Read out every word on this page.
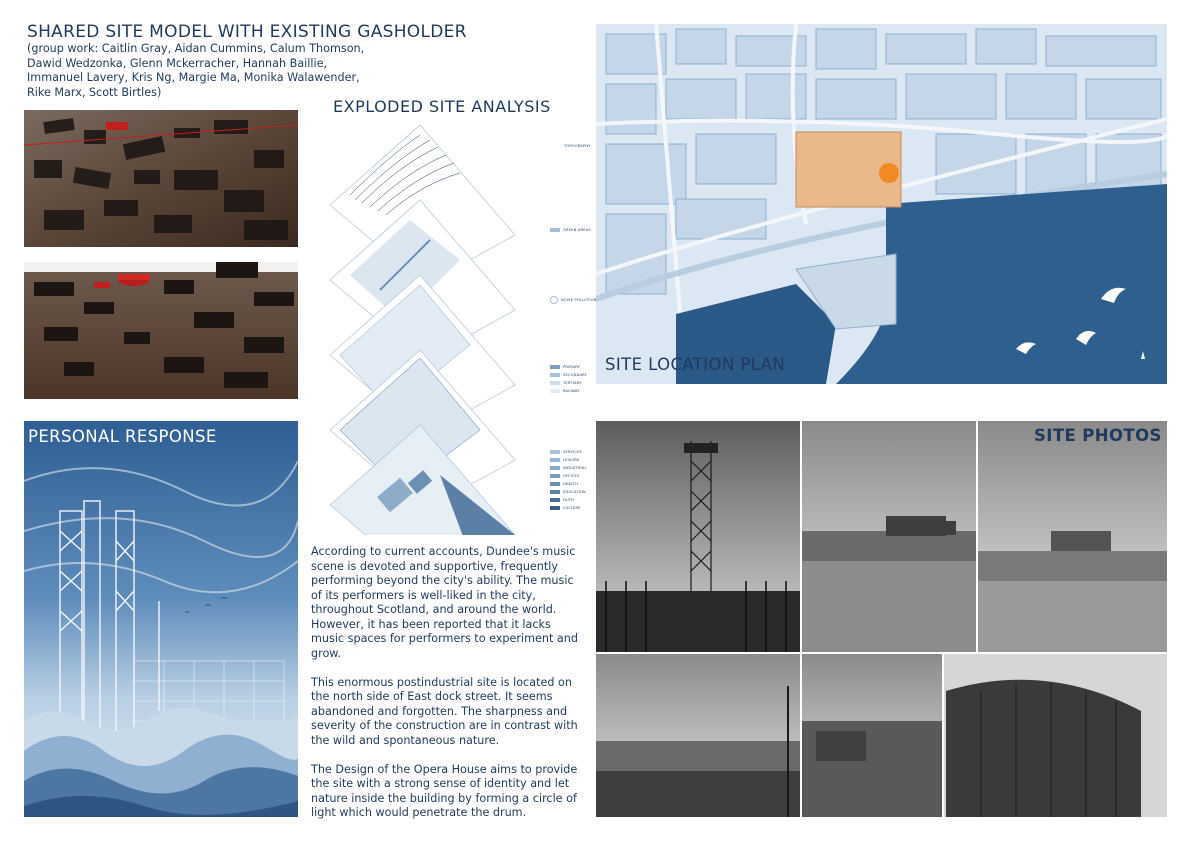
SHARED SITE MODEL WITH EXISTING GASHOLDER
(group work: Caitlin Gray, Aidan Cummins, Calum Thomson,
Dawid Wedzonka, Glenn Mckerracher, Hannah Baillie,
Immanuel Lavery, Kris Ng, Margie Ma, Monika Walawender,
Rike Marx, Scott Birtles)
PERSONAL RESPONSE
EXPLODED SITE ANALYSIS
TOPOGRAPHY
GREEN AREAS
NOISE POLLUTION
PRIMARY
SECONDARY
TERTIARY
RAILWAY
SERVICES
LEISURE
INDUSTRIAL
OFFICES
HEALTH
EDUCATION
FAITH
CULTURE
SITE LOCATION PLAN
SITE PHOTOS

According to current accounts, Dundee's music scene is devoted and supportive, frequently performing beyond the city's ability. The music of its performers is well-liked in the city, throughout Scotland, and around the world. However, it has been reported that it lacks music spaces for performers to experiment and grow.

This enormous postindustrial site is located on the north side of East dock street. It seems abandoned and forgotten. The sharpness and severity of the construction are in contrast with the wild and spontaneous nature.

The Design of the Opera House aims to provide the site with a strong sense of identity and let nature inside the building by forming a circle of light which would penetrate the drum.
